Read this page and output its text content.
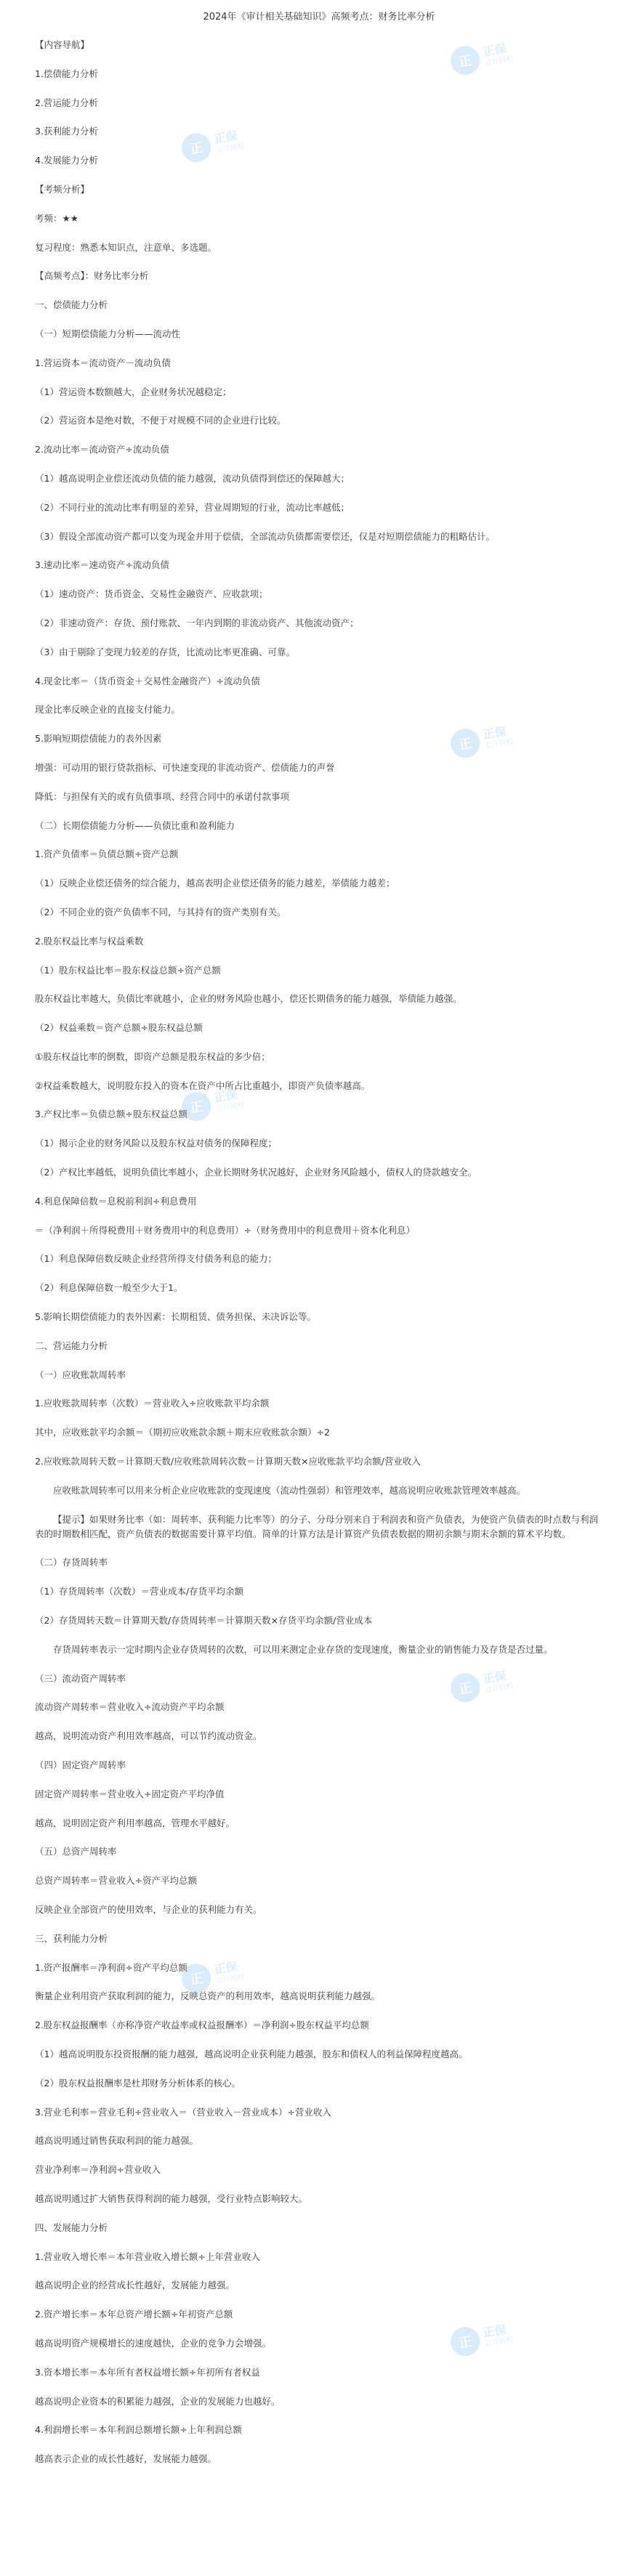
2024年《审计相关基础知识》高频考点：财务比率分析
【内容导航】
1.偿债能力分析
2.营运能力分析
3.获利能力分析
4.发展能力分析
【考频分析】
考频：★★
复习程度：熟悉本知识点，注意单、多选题。
【高频考点】：财务比率分析
一、偿债能力分析
（一）短期偿债能力分析——流动性
1.营运资本＝流动资产－流动负债
（1）营运资本数额越大，企业财务状况越稳定；
（2）营运资本是绝对数，不便于对规模不同的企业进行比较。
2.流动比率＝流动资产÷流动负债
（1）越高说明企业偿还流动负债的能力越强，流动负债得到偿还的保障越大；
（2）不同行业的流动比率有明显的差异，营业周期短的行业，流动比率越低；
（3）假设全部流动资产都可以变为现金并用于偿债，全部流动负债都需要偿还，仅是对短期偿债能力的粗略估计。
3.速动比率＝速动资产÷流动负债
（1）速动资产：货币资金、交易性金融资产、应收款项；
（2）非速动资产：存货、预付账款、一年内到期的非流动资产、其他流动资产；
（3）由于剔除了变现力较差的存货，比流动比率更准确、可靠。
4.现金比率＝（货币资金＋交易性金融资产）÷流动负债
现金比率反映企业的直接支付能力。
5.影响短期偿债能力的表外因素
增强：可动用的银行贷款指标、可快速变现的非流动资产、偿债能力的声誉
降低：与担保有关的或有负债事项、经营合同中的承诺付款事项
（二）长期偿债能力分析——负债比重和盈利能力
1.资产负债率＝负债总额÷资产总额
（1）反映企业偿还债务的综合能力，越高表明企业偿还债务的能力越差，举债能力越差；
（2）不同企业的资产负债率不同，与其持有的资产类别有关。
2.股东权益比率与权益乘数
（1）股东权益比率＝股东权益总额÷资产总额
股东权益比率越大，负债比率就越小，企业的财务风险也越小，偿还长期债务的能力越强，举债能力越强。
（2）权益乘数＝资产总额÷股东权益总额
①股东权益比率的倒数，即资产总额是股东权益的多少倍；
②权益乘数越大，说明股东投入的资本在资产中所占比重越小，即资产负债率越高。
3.产权比率＝负债总额÷股东权益总额
（1）揭示企业的财务风险以及股东权益对债务的保障程度；
（2）产权比率越低，说明负债比率越小，企业长期财务状况越好，企业财务风险越小，债权人的贷款越安全。
4.利息保障倍数＝息税前利润÷利息费用
＝（净利润＋所得税费用＋财务费用中的利息费用）÷（财务费用中的利息费用＋资本化利息）
（1）利息保障倍数反映企业经营所得支付债务利息的能力；
（2）利息保障倍数一般至少大于1。
5.影响长期偿债能力的表外因素：长期租赁、债务担保、未决诉讼等。
二、营运能力分析
（一）应收账款周转率
1.应收账款周转率（次数）＝营业收入÷应收账款平均余额
其中，应收账款平均余额＝（期初应收账款余额＋期末应收账款余额）÷2
2.应收账款周转天数＝计算期天数/应收账款周转次数＝计算期天数×应收账款平均余额/营业收入
应收账款周转率可以用来分析企业应收账款的变现速度（流动性强弱）和管理效率，越高说明应收账款管理效率越高。
【提示】如果财务比率（如：周转率、获利能力比率等）的分子、分母分别来自于利润表和资产负债表，为使资产负债表的时点数与利润表的时期数相匹配，资产负债表的数据需要计算平均值。简单的计算方法是计算资产负债表数据的期初余额与期末余额的算术平均数。
（二）存货周转率
（1）存货周转率（次数）＝营业成本/存货平均余额
（2）存货周转天数＝计算期天数/存货周转率＝计算期天数×存货平均余额/营业成本
存货周转率表示一定时期内企业存货周转的次数，可以用来测定企业存货的变现速度，衡量企业的销售能力及存货是否过量。
（三）流动资产周转率
流动资产周转率＝营业收入÷流动资产平均余额
越高，说明流动资产利用效率越高，可以节约流动资金。
（四）固定资产周转率
固定资产周转率＝营业收入÷固定资产平均净值
越高，说明固定资产利用率越高，管理水平越好。
（五）总资产周转率
总资产周转率＝营业收入÷资产平均总额
反映企业全部资产的使用效率，与企业的获利能力有关。
三、获利能力分析
1.资产报酬率＝净利润÷资产平均总额
衡量企业利用资产获取利润的能力，反映总资产的利用效率，越高说明获利能力越强。
2.股东权益报酬率（亦称净资产收益率或权益报酬率）＝净利润÷股东权益平均总额
（1）越高说明股东投资报酬的能力越强，越高说明企业获利能力越强，股东和债权人的利益保障程度越高。
（2）股东权益报酬率是杜邦财务分析体系的核心。
3.营业毛利率＝营业毛利÷营业收入＝（营业收入－营业成本）÷营业收入
越高说明通过销售获取利润的能力越强。
营业净利率＝净利润÷营业收入
越高说明通过扩大销售获得利润的能力越强，受行业特点影响较大。
四、发展能力分析
1.营业收入增长率＝本年营业收入增长额÷上年营业收入
越高说明企业的经营成长性越好，发展能力越强。
2.资产增长率＝本年总资产增长额÷年初资产总额
越高说明资产规模增长的速度越快，企业的竞争力会增强。
3.资本增长率＝本年所有者权益增长额÷年初所有者权益
越高说明企业资本的积累能力越强，企业的发展能力也越好。
4.利润增长率＝本年利润总额增长额÷上年利润总额
越高表示企业的成长性越好，发展能力越强。
正
正保
会计网校
正
正保
会计网校
正
正保
会计网校
正
正保
会计网校
正
正保
会计网校
正
正保
会计网校
正
正保
会计网校
